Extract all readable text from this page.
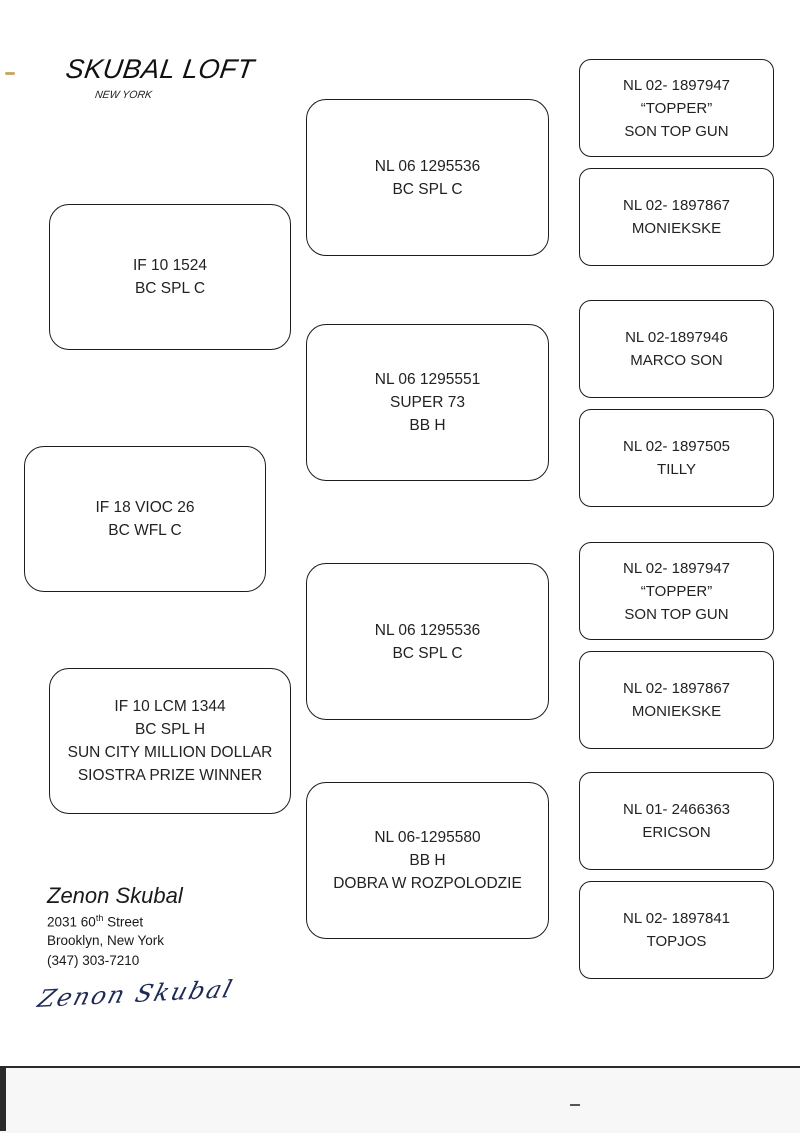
SKUBAL LOFT
NEW YORK
IF 10 1524
BC SPL C
IF 18 VIOC 26
BC WFL C
IF 10 LCM 1344
BC SPL H
SUN CITY MILLION DOLLAR
SIOSTRA PRIZE WINNER
NL 06 1295536
BC SPL C
NL 06 1295551
SUPER 73
BB H
NL 06 1295536
BC SPL C
NL 06-1295580
BB H
DOBRA W ROZPOLODZIE
NL 02- 1897947
“TOPPER”
SON TOP GUN
NL 02- 1897867
MONIEKSKE
NL 02-1897946
MARCO SON
NL 02- 1897505
TILLY
NL 02- 1897947
“TOPPER”
SON TOP GUN
NL 02- 1897867
MONIEKSKE
NL 01- 2466363
ERICSON
NL 02- 1897841
TOPJOS
Zenon Skubal
2031 60th Street
Brooklyn, New York
(347) 303-7210
Zenon Skubal
